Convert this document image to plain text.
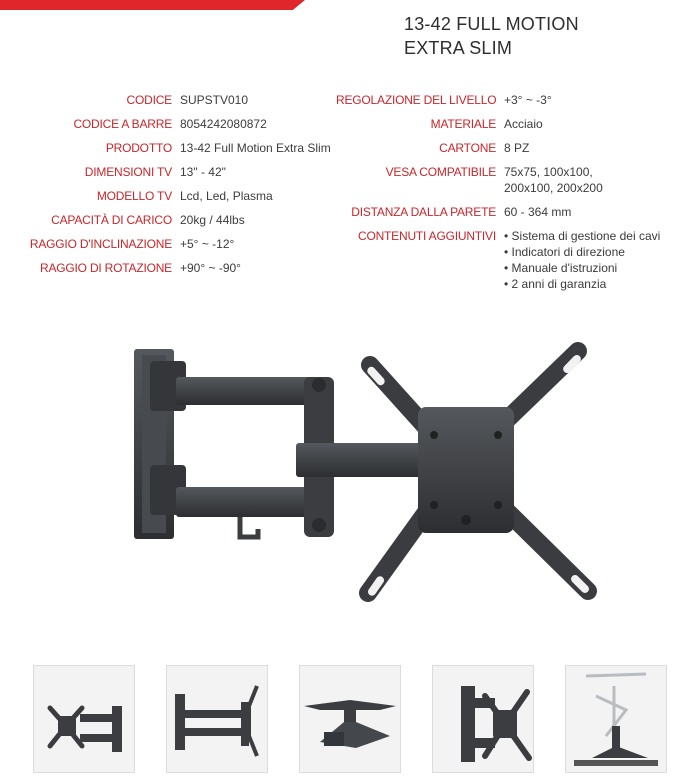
13-42 FULL MOTION
EXTRA SLIM
CODICE SUPSTV010
CODICE A BARRE 8054242080872
PRODOTTO 13-42 Full Motion Extra Slim
DIMENSIONI TV 13" - 42"
MODELLO TV Lcd, Led, Plasma
CAPACITÀ DI CARICO 20kg / 44lbs
RAGGIO D'INCLINAZIONE +5° ~ -12°
RAGGIO DI ROTAZIONE +90° ~ -90°
REGOLAZIONE DEL LIVELLO +3° ~ -3°
MATERIALE Acciaio
CARTONE 8 PZ
VESA COMPATIBILE 75x75, 100x100,
200x100, 200x200
DISTANZA DALLA PARETE 60 - 364 mm
CONTENUTI AGGIUNTIVI
•	Sistema di gestione dei cavi
• Indicatori di direzione
• Manuale d'istruzioni
• 2 anni di garanzia
